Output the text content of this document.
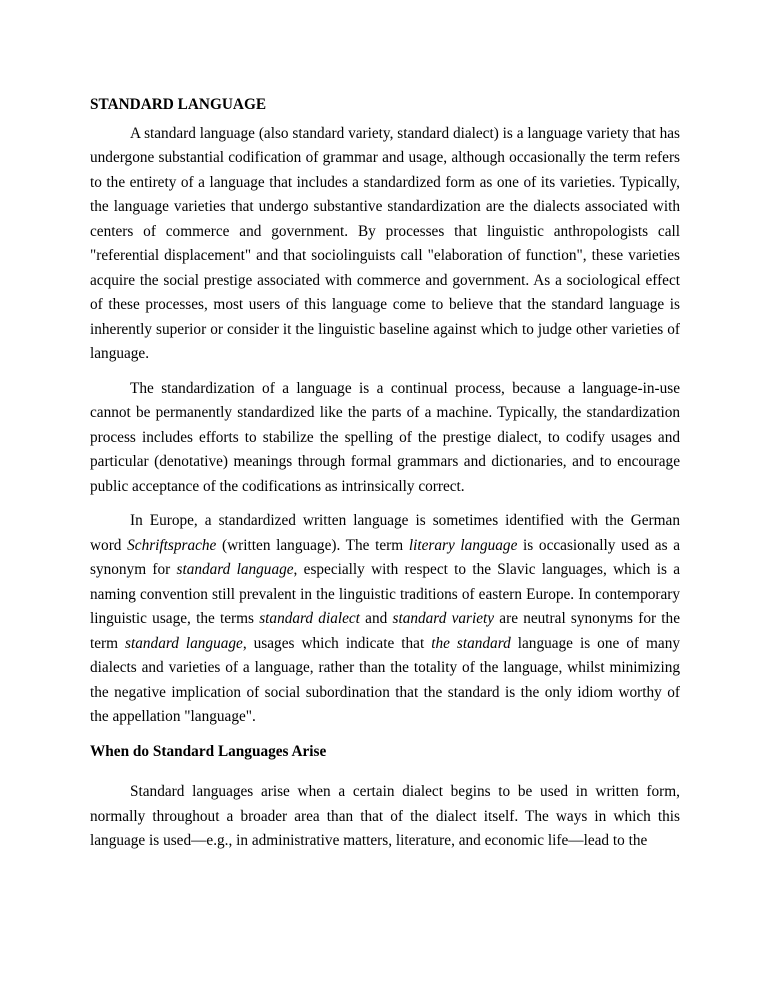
STANDARD LANGUAGE

A standard language (also standard variety, standard dialect) is a language variety that has undergone substantial codification of grammar and usage, although occasionally the term refers to the entirety of a language that includes a standardized form as one of its varieties. Typically, the language varieties that undergo substantive standardization are the dialects associated with centers of commerce and government. By processes that linguistic anthropologists call "referential displacement" and that sociolinguists call "elaboration of function", these varieties acquire the social prestige associated with commerce and government. As a sociological effect of these processes, most users of this language come to believe that the standard language is inherently superior or consider it the linguistic baseline against which to judge other varieties of language.

The standardization of a language is a continual process, because a language-in-use cannot be permanently standardized like the parts of a machine. Typically, the standardization process includes efforts to stabilize the spelling of the prestige dialect, to codify usages and particular (denotative) meanings through formal grammars and dictionaries, and to encourage public acceptance of the codifications as intrinsically correct.

In Europe, a standardized written language is sometimes identified with the German word Schriftsprache (written language). The term literary language is occasionally used as a synonym for standard language, especially with respect to the Slavic languages, which is a naming convention still prevalent in the linguistic traditions of eastern Europe. In contemporary linguistic usage, the terms standard dialect and standard variety are neutral synonyms for the term standard language, usages which indicate that the standard language is one of many dialects and varieties of a language, rather than the totality of the language, whilst minimizing the negative implication of social subordination that the standard is the only idiom worthy of the appellation "language".

When do Standard Languages Arise

Standard languages arise when a certain dialect begins to be used in written form, normally throughout a broader area than that of the dialect itself. The ways in which this language is used—e.g., in administrative matters, literature, and economic life—lead to the
